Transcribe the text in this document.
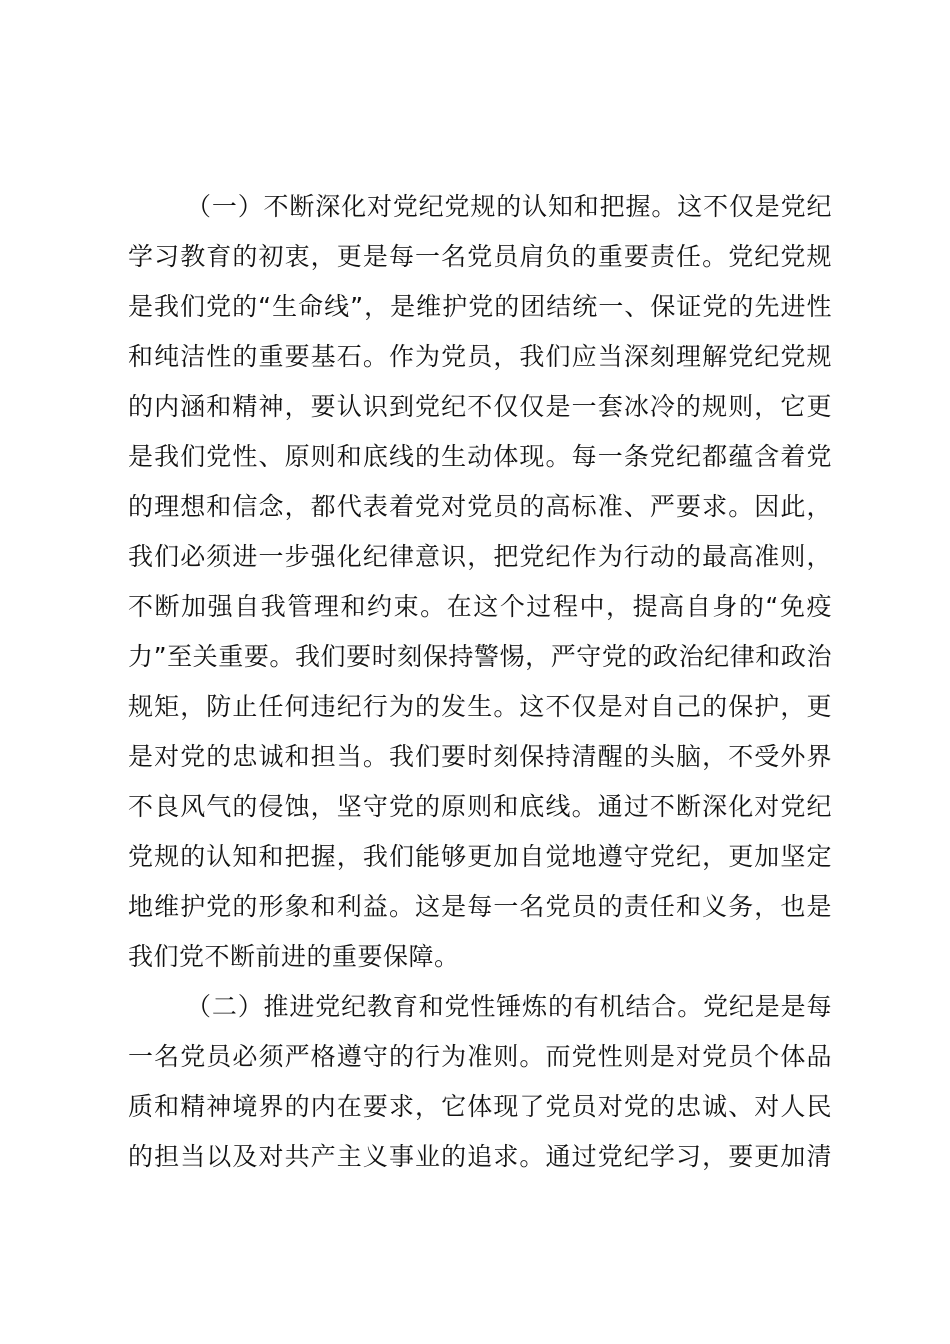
（一）不断深化对党纪党规的认知和把握。这不仅是党纪
学习教育的初衷，更是每一名党员肩负的重要责任。党纪党规
是我们党的“生命线”，是维护党的团结统一、保证党的先进性
和纯洁性的重要基石。作为党员，我们应当深刻理解党纪党规
的内涵和精神，要认识到党纪不仅仅是一套冰冷的规则，它更
是我们党性、原则和底线的生动体现。每一条党纪都蕴含着党
的理想和信念，都代表着党对党员的高标准、严要求。因此，
我们必须进一步强化纪律意识，把党纪作为行动的最高准则，
不断加强自我管理和约束。在这个过程中，提高自身的“免疫
力”至关重要。我们要时刻保持警惕，严守党的政治纪律和政治
规矩，防止任何违纪行为的发生。这不仅是对自己的保护，更
是对党的忠诚和担当。我们要时刻保持清醒的头脑，不受外界
不良风气的侵蚀，坚守党的原则和底线。通过不断深化对党纪
党规的认知和把握，我们能够更加自觉地遵守党纪，更加坚定
地维护党的形象和利益。这是每一名党员的责任和义务，也是
我们党不断前进的重要保障。
（二）推进党纪教育和党性锤炼的有机结合。党纪是是每
一名党员必须严格遵守的行为准则。而党性则是对党员个体品
质和精神境界的内在要求，它体现了党员对党的忠诚、对人民
的担当以及对共产主义事业的追求。通过党纪学习，要更加清
